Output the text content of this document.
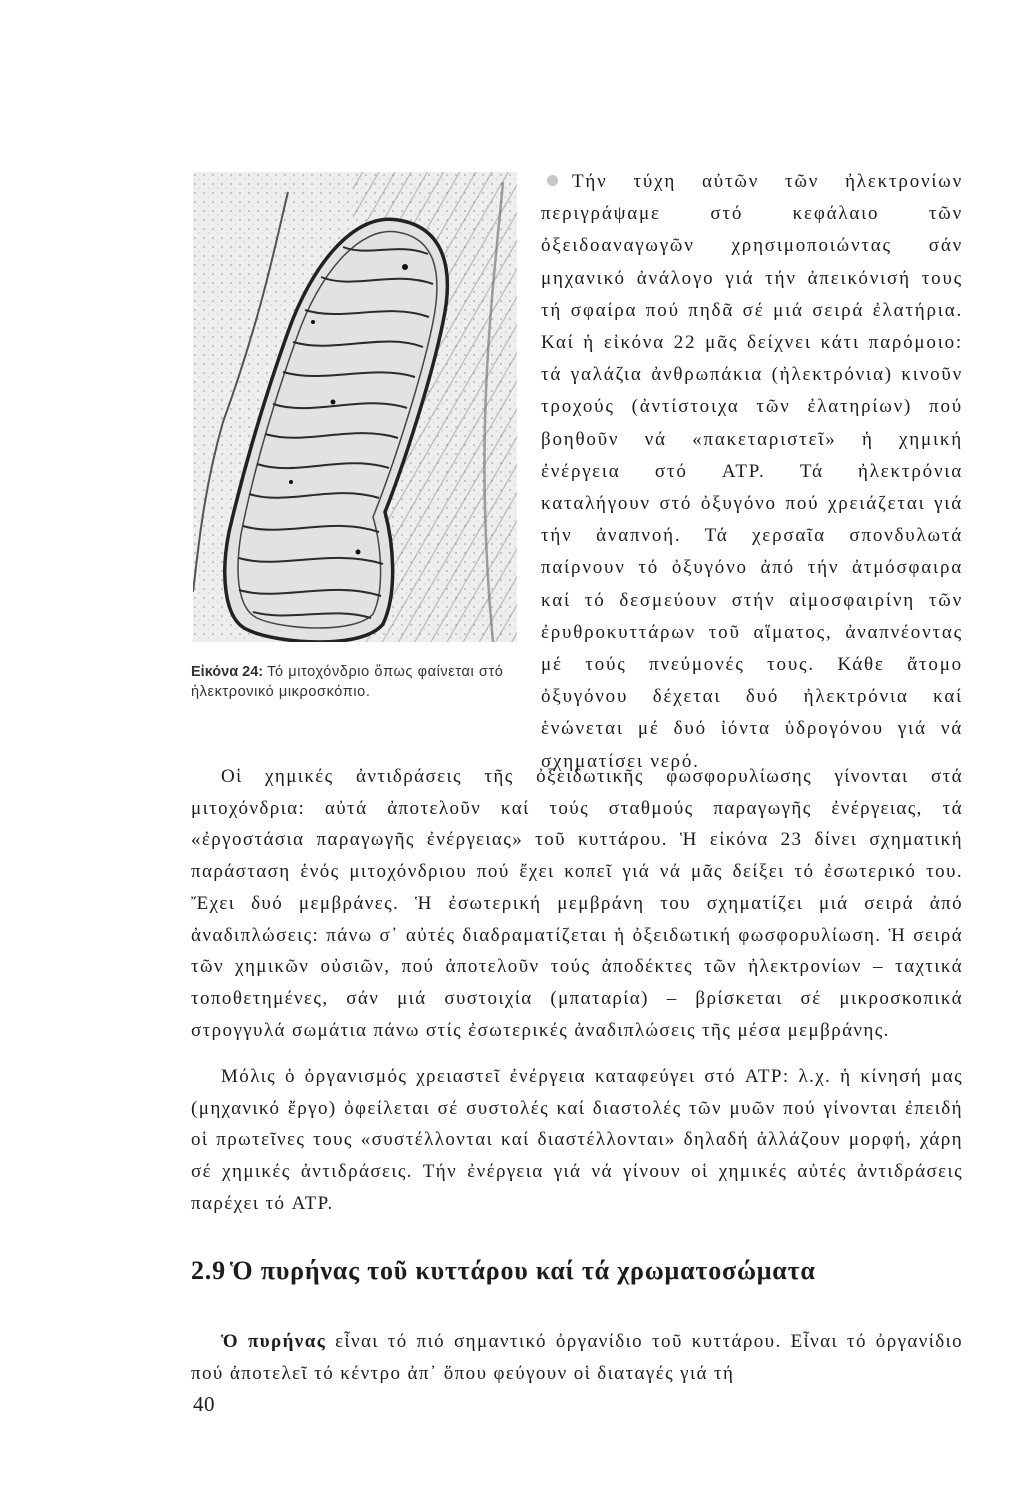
Εἰκόνα 24: Τό μιτοχόνδριο ὅπως φαίνεται στό ἠλεκτρονικό μικροσκόπιο.
Τήν τύχη αὐτῶν τῶν ἠλεκτρονίων περιγράψαμε στό κεφάλαιο τῶν ὀξειδοαναγωγῶν χρησιμοποιώντας σάν μηχανικό ἀνάλογο γιά τήν ἀπεικόνισή τους τή σφαίρα πού πηδᾶ σέ μιά σειρά ἐλατήρια. Καί ἡ εἰκόνα 22 μᾶς δείχνει κάτι παρόμοιο: τά γαλάζια ἀνθρωπάκια (ἠλεκτρόνια) κινοῦν τροχούς (ἀντίστοιχα τῶν ἐλατηρίων) πού βοηθοῦν νά «πακεταριστεῖ» ἡ χημική ἐνέργεια στό ATP. Τά ἠλεκτρόνια καταλήγουν στό ὀξυγόνο πού χρειάζεται γιά τήν ἀναπνοή. Τά χερσαῖα σπονδυλωτά παίρνουν τό ὀξυγόνο ἀπό τήν ἀτμόσφαιρα καί τό δεσμεύουν στήν αἱμοσφαιρίνη τῶν ἐρυθροκυττάρων τοῦ αἵματος, ἀναπνέοντας μέ τούς πνεύμονές τους. Κάθε ἄτομο ὀξυγόνου δέχεται δυό ἠλεκτρόνια καί ἑνώνεται μέ δυό ἰόντα ὑδρογόνου γιά νά σχηματίσει νερό.
Οἱ χημικές ἀντιδράσεις τῆς ὀξειδωτικῆς φωσφορυλίωσης γίνονται στά μιτοχόνδρια: αὐτά ἀποτελοῦν καί τούς σταθμούς παραγωγῆς ἐνέργειας, τά «ἐργοστάσια παραγωγῆς ἐνέργειας» τοῦ κυττάρου. Ἡ εἰκόνα 23 δίνει σχηματική παράσταση ἑνός μιτοχόνδριου πού ἔχει κοπεῖ γιά νά μᾶς δείξει τό ἐσωτερικό του. Ἔχει δυό μεμβράνες. Ἡ ἐσωτερική μεμβράνη του σχηματίζει μιά σειρά ἀπό ἀναδιπλώσεις: πάνω σ᾿ αὐτές διαδραματίζεται ἡ ὀξειδωτική φωσφορυλίωση. Ἡ σειρά τῶν χημικῶν οὐσιῶν, πού ἀποτελοῦν τούς ἀποδέκτες τῶν ἠλεκτρονίων – ταχτικά τοποθετημένες, σάν μιά συστοιχία (μπαταρία) – βρίσκεται σέ μικροσκοπικά στρογγυλά σωμάτια πάνω στίς ἐσωτερικές ἀναδιπλώσεις τῆς μέσα μεμβράνης.
Μόλις ὁ ὀργανισμός χρειαστεῖ ἐνέργεια καταφεύγει στό ATP: λ.χ. ἡ κίνησή μας (μηχανικό ἔργο) ὀφείλεται σέ συστολές καί διαστολές τῶν μυῶν πού γίνονται ἐπειδή οἱ πρωτεῖνες τους «συστέλλονται καί διαστέλλονται» δηλαδή ἀλλάζουν μορφή, χάρη σέ χημικές ἀντιδράσεις. Τήν ἐνέργεια γιά νά γίνουν οἱ χημικές αὐτές ἀντιδράσεις παρέχει τό ATP.
2.9 Ὁ πυρήνας τοῦ κυττάρου καί τά χρωματοσώματα
Ὁ πυρήνας εἶναι τό πιό σημαντικό ὀργανίδιο τοῦ κυττάρου. Εἶναι τό ὀργανίδιο πού ἀποτελεῖ τό κέντρο ἀπ᾿ ὅπου φεύγουν οἱ διαταγές γιά τή
40
